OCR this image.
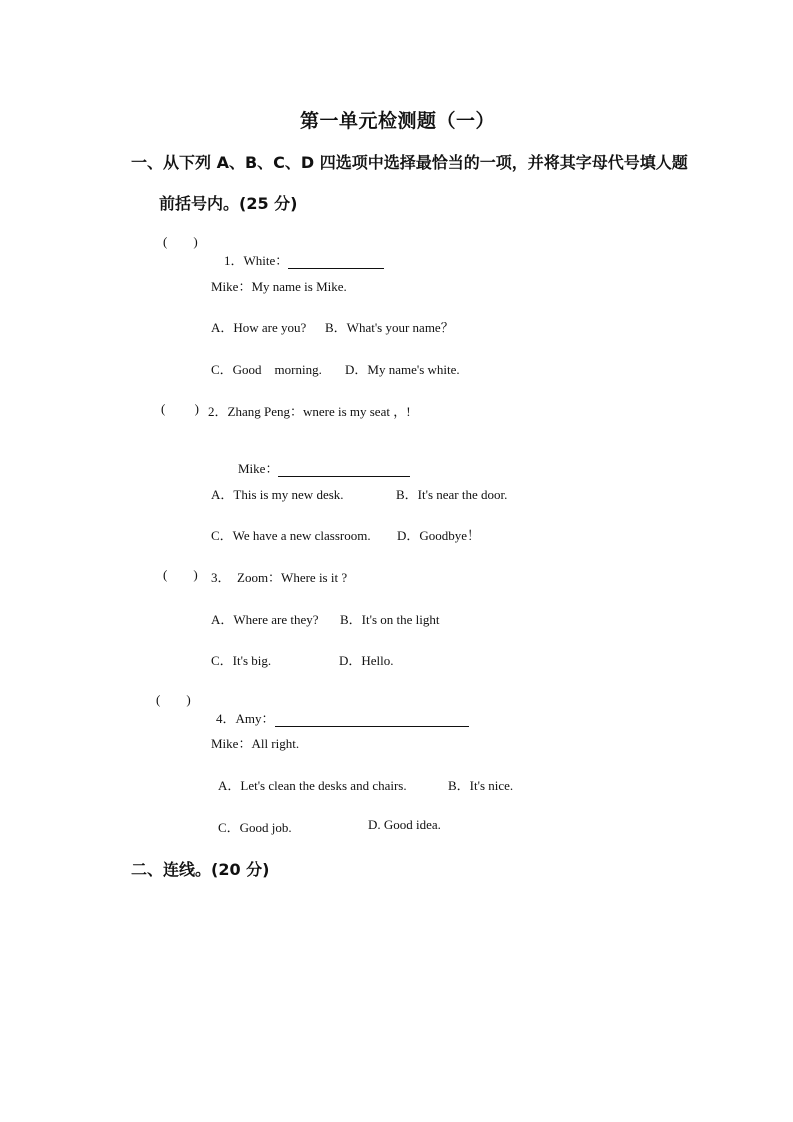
第一单元检测题（一）
一、从下列 A、B、C、D 四选项中选择最恰当的一项，并将其字母代号填人题
前括号内。(25 分)
(        )

1．White：

Mike：My name is Mike.
A．How are you? B．What's your name？
C．Good    morning. D．My name's white.
(         ) 2．Zhang Peng：wnere is my seat ，!

Mike：

A．This is my new desk.	B．It's near the door.
C．We have a new classroom. D．Goodbye！
(        ) 3．  Zoom：Where is it ?
A．Where are they? B．It's on the light
C．It's big.	D．Hello.
(        )

4．Amy：

Mike：All right.
A．Let's clean the desks and chairs.	B．It's nice.
C．Good job.	D. Good idea.
二、连线。(20 分)
